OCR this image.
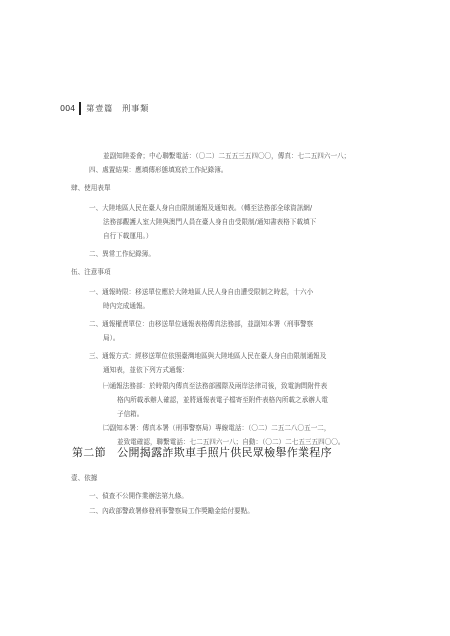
004 第壹篇　刑事類
並副知陸委會；中心聯繫電話：（〇二）二五五三五四〇〇，傳真：七二五四六一八；
四、處置結果：應填傳形態填寫於工作紀錄簿。
肆、使用表單
一、大陸地區人民在臺人身自由限制通報及通知表。（轉至法務部全球資訊網/
法務部觀護人室大陸與澳門人員在臺人身自由受限制/通知書表格下載填下
自行下載運用。）
二、異常工作紀錄簿。
伍、注意事項
一、通報時限：移送單位應於大陸地區人民人身自由遭受限制之時起，十六小
時內完成通報。
二、通報權責單位：由移送單位通報表格傳真法務部，並副知本署（刑事警察
局）。
三、通報方式：經移送單位依照臺灣地區與大陸地區人民在臺人身自由限制通報及
通知表，並依下列方式通報：
㈠通報法務部：於時限內傳真至法務部國際及兩岸法律司後，致電詢問附件表
格內所載承辦人確認，並將通報表電子檔寄至附件表格內所載之承辦人電
子信箱。
㈡副知本署：傳真本署（刑事警察局）專線電話：（〇二）二五二八〇五一二，
並致電確認，聯繫電話：七二五四六一八；自動：（〇二）二七五三五四〇〇。
第二節　公開揭露詐欺車手照片供民眾檢舉作業程序
壹、依據
一、偵查不公開作業辦法第九條。
二、內政部警政署修發刑事警察局工作獎勵金給付要點。
